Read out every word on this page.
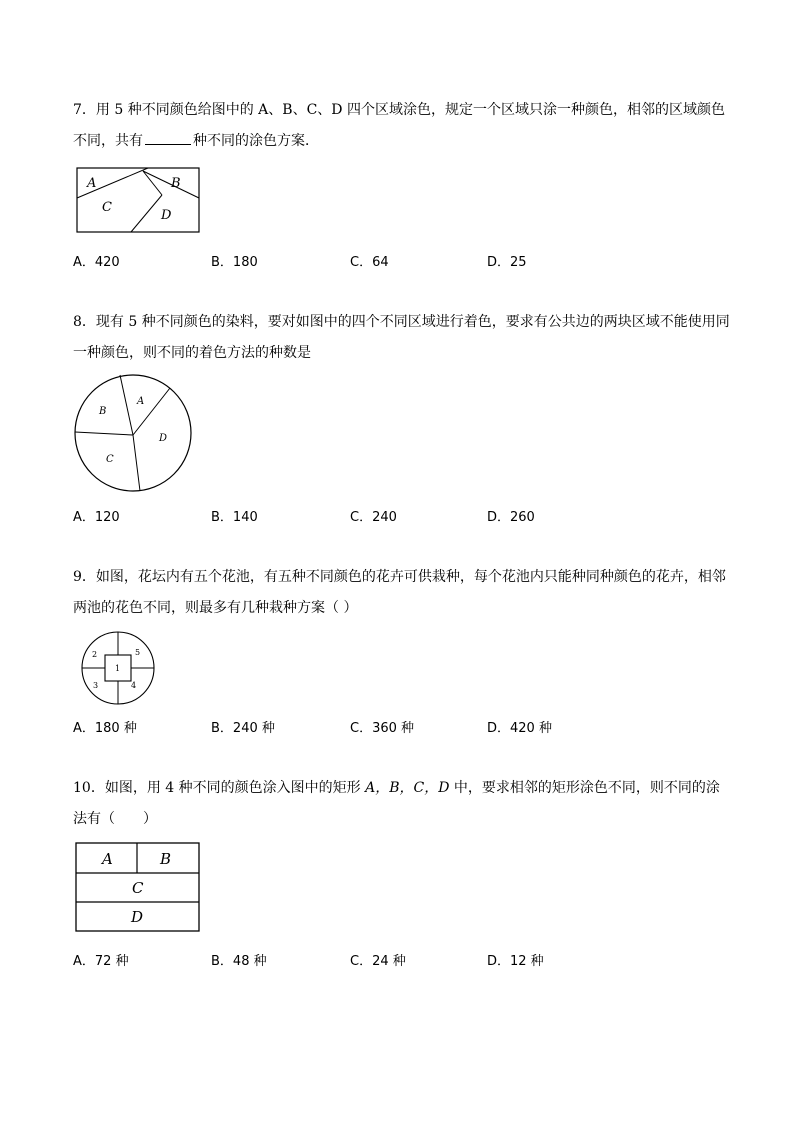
7．用 5 种不同颜色给图中的 A、B、C、D 四个区域涂色，规定一个区域只涂一种颜色，相邻的区域颜色不同，共有	种不同的涂色方案．

A	B
C
D
A．420	B．180	C．64	D．25

8．现有 5 种不同颜色的染料，要对如图中的四个不同区域进行着色，要求有公共边的两块区域不能使用同一种颜色，则不同的着色方法的种数是

A
B
C
D
A．120	B．140	C．240	D．260

9．如图，花坛内有五个花池，有五种不同颜色的花卉可供栽种，每个花池内只能种同种颜色的花卉，相邻两池的花色不同，则最多有几种栽种方案（ ）

1
2
3	4
5
A．180 种	B．240 种	C．360 种	D．420 种

10．如图，用 4 种不同的颜色涂入图中的矩形 A，B，C，D 中，要求相邻的矩形涂色不同，则不同的涂法有（　　）

A	B
C
D
A．72 种	B．48 种	C．24 种	D．12 种
